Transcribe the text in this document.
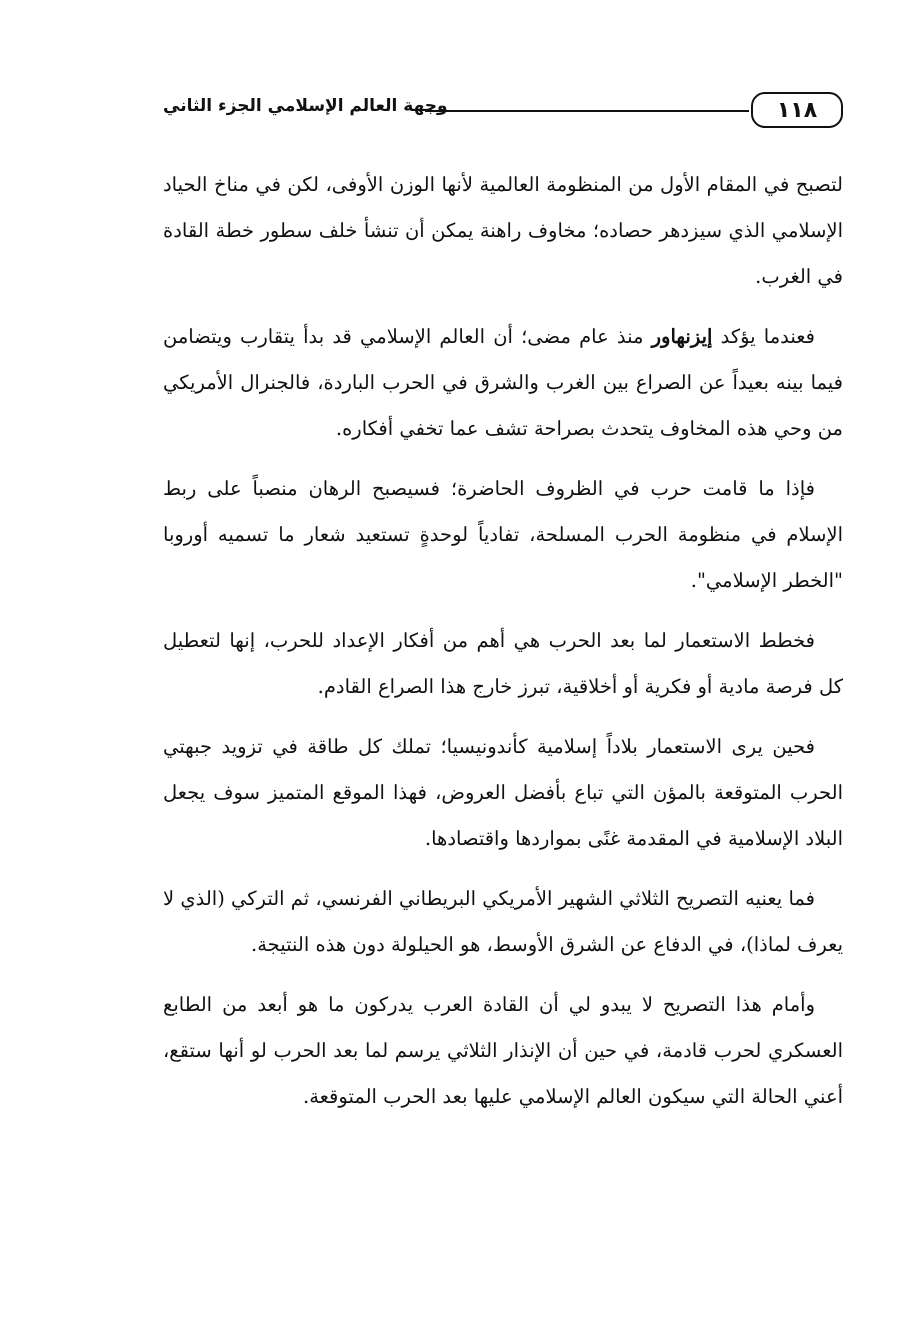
١١٨
وجهة العالم الإسلامي الجزء الثاني

لتصبح في المقام الأول من المنظومة العالمية لأنها الوزن الأوفى، لكن في مناخ الحياد الإسلامي الذي سيزدهر حصاده؛ مخاوف راهنة يمكن أن تنشأ خلف سطور خطة القادة في الغرب.

فعندما يؤكد إيزنهاور منذ عام مضى؛ أن العالم الإسلامي قد بدأ يتقارب ويتضامن فيما بينه بعيداً عن الصراع بين الغرب والشرق في الحرب الباردة، فالجنرال الأمريكي من وحي هذه المخاوف يتحدث بصراحة تشف عما تخفي أفكاره.

فإذا ما قامت حرب في الظروف الحاضرة؛ فسيصبح الرهان منصباً على ربط الإسلام في منظومة الحرب المسلحة، تفادياً لوحدةٍ تستعيد شعار ما تسميه أوروبا "الخطر الإسلامي".

فخطط الاستعمار لما بعد الحرب هي أهم من أفكار الإعداد للحرب، إنها لتعطيل كل فرصة مادية أو فكرية أو أخلاقية، تبرز خارج هذا الصراع القادم.

فحين يرى الاستعمار بلاداً إسلامية كأندونيسيا؛ تملك كل طاقة في تزويد جبهتي الحرب المتوقعة بالمؤن التي تباع بأفضل العروض، فهذا الموقع المتميز سوف يجعل البلاد الإسلامية في المقدمة غنًى بمواردها واقتصادها.

فما يعنيه التصريح الثلاثي الشهير الأمريكي البريطاني الفرنسي، ثم التركي (الذي لا يعرف لماذا)، في الدفاع عن الشرق الأوسط، هو الحيلولة دون هذه النتيجة.

وأمام هذا التصريح لا يبدو لي أن القادة العرب يدركون ما هو أبعد من الطابع العسكري لحرب قادمة، في حين أن الإنذار الثلاثي يرسم لما بعد الحرب لو أنها ستقع، أعني الحالة التي سيكون العالم الإسلامي عليها بعد الحرب المتوقعة.
